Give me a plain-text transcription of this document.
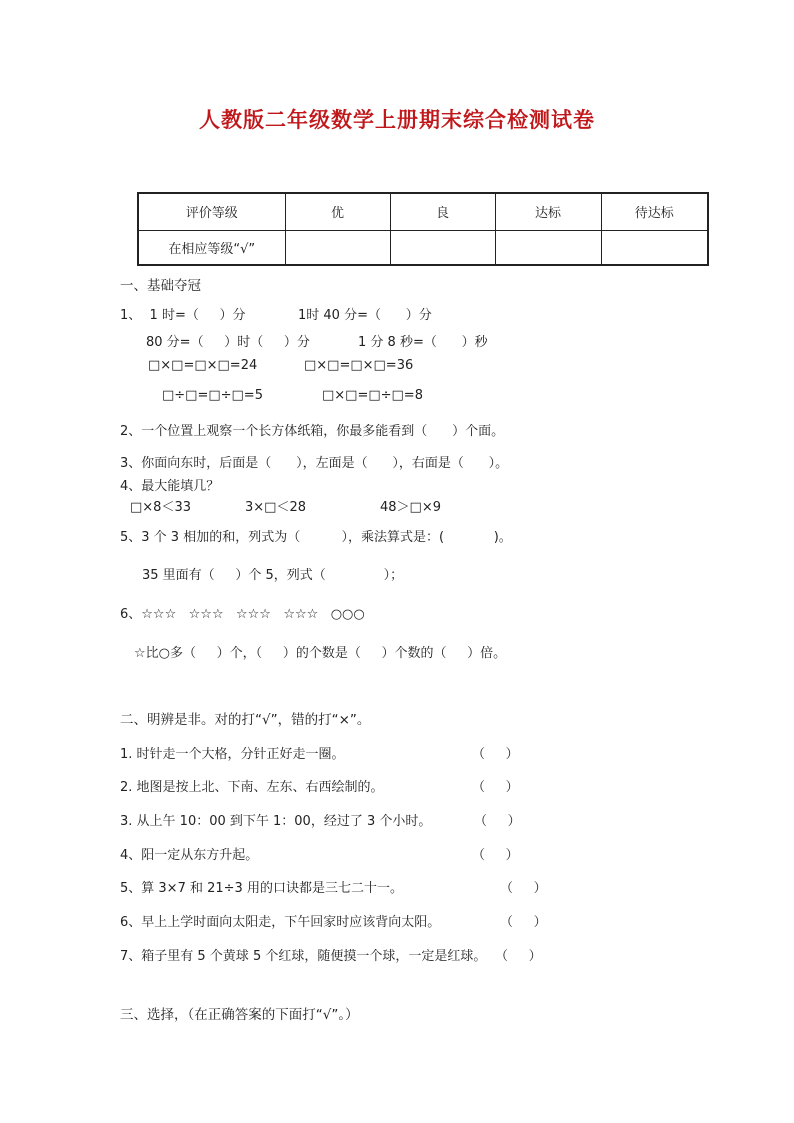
人教版二年级数学上册期末综合检测试卷
评价等级	优	良	达标	待达标
在相应等级“√”				
一、基础夺冠
1、  1 时=（     ）分	1时 40 分=（      ）分
80 分=（     ）时（     ）分	1 分 8 秒=（      ）秒
□×□=□×□=24	□×□=□×□=36
□÷□=□÷□=5	□×□=□÷□=8
2、一个位置上观察一个长方体纸箱，你最多能看到（      ）个面。
3、你面向东时，后面是（      ），左面是（      ），右面是（      ）。
4、最大能填几？
□×8＜33	3×□＜28	48＞□×9
5、3 个 3 相加的和，列式为（          ），乘法算式是：(            )。
35 里面有（     ）个 5，列式（              ）；
6、☆☆☆   ☆☆☆   ☆☆☆   ☆☆☆   ○○○
☆比○多（     ）个，（     ）的个数是（     ）个数的（     ）倍。
二、明辨是非。对的打“√”，错的打“×”。
1. 时针走一个大格，分针正好走一圈。	（     ）
2. 地图是按上北、下南、左东、右西绘制的。	（     ）
3. 从上午 10：00 到下午 1：00，经过了 3 个小时。	（     ）
4、阳一定从东方升起。	（     ）
5、算 3×7 和 21÷3 用的口诀都是三七二十一。	（     ）
6、早上上学时面向太阳走，下午回家时应该背向太阳。	（     ）
7、箱子里有 5 个黄球 5 个红球，随便摸一个球，一定是红球。 （     ）
三、选择，（在正确答案的下面打“√”。）
